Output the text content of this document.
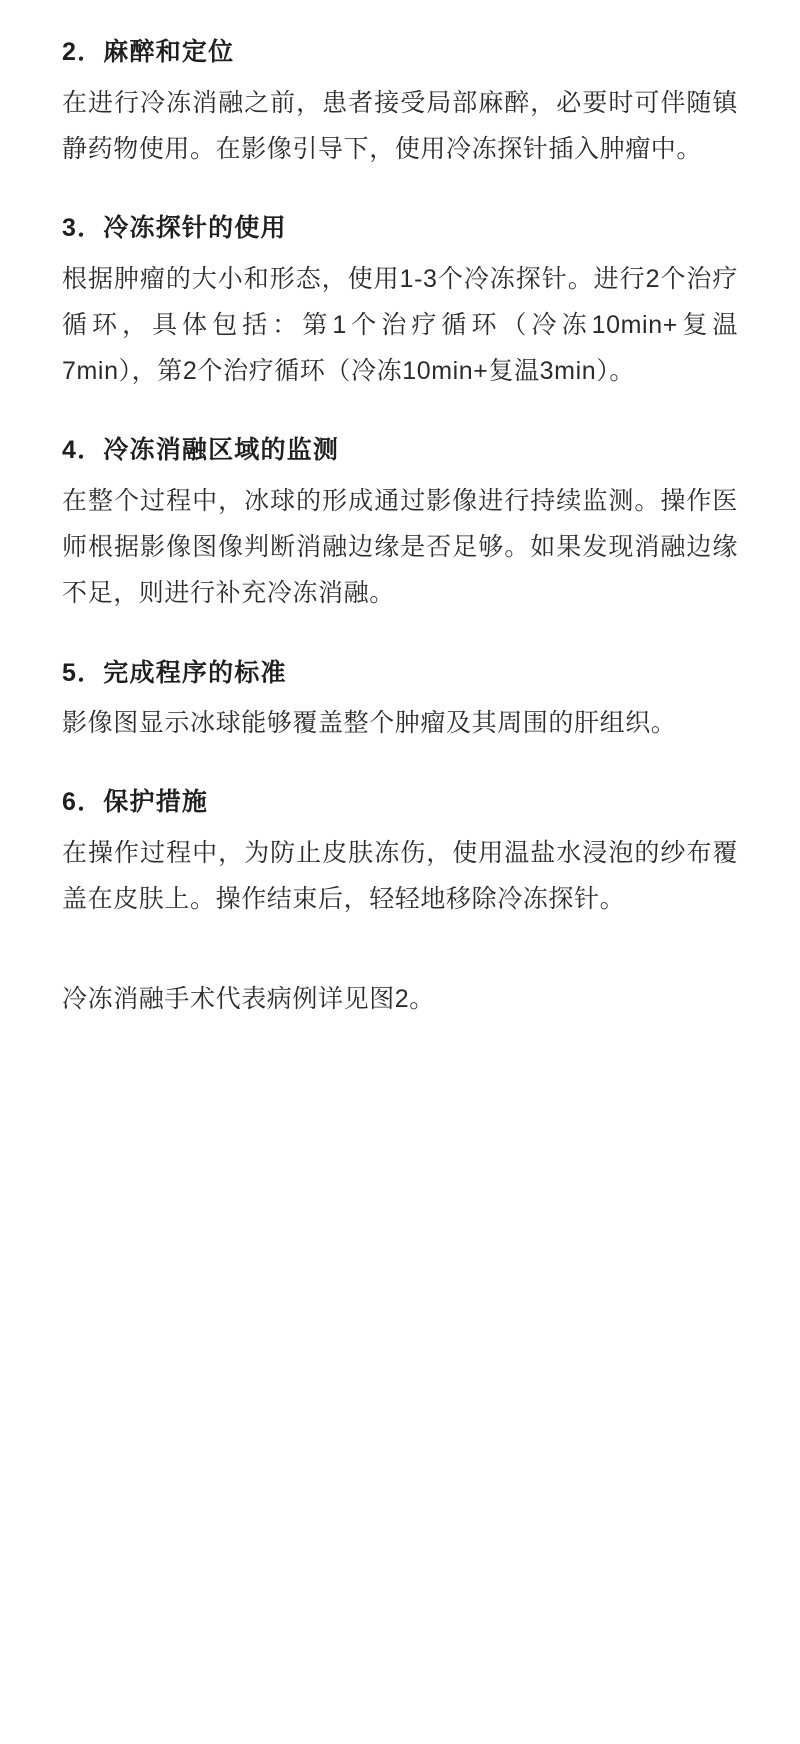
2．麻醉和定位

在进行冷冻消融之前，患者接受局部麻醉，必要时可伴随镇静药物使用。在影像引导下，使用冷冻探针插入肿瘤中。

3．冷冻探针的使用

根据肿瘤的大小和形态，使用1-3个冷冻探针。进行2个治疗循环，具体包括：第1个治疗循环（冷冻10min+复温7min），第2个治疗循环（冷冻10min+复温3min）。

4．冷冻消融区域的监测

在整个过程中，冰球的形成通过影像进行持续监测。操作医师根据影像图像判断消融边缘是否足够。如果发现消融边缘不足，则进行补充冷冻消融。

5．完成程序的标准

影像图显示冰球能够覆盖整个肿瘤及其周围的肝组织。

6．保护措施

在操作过程中，为防止皮肤冻伤，使用温盐水浸泡的纱布覆盖在皮肤上。操作结束后，轻轻地移除冷冻探针。

冷冻消融手术代表病例详见图2。
